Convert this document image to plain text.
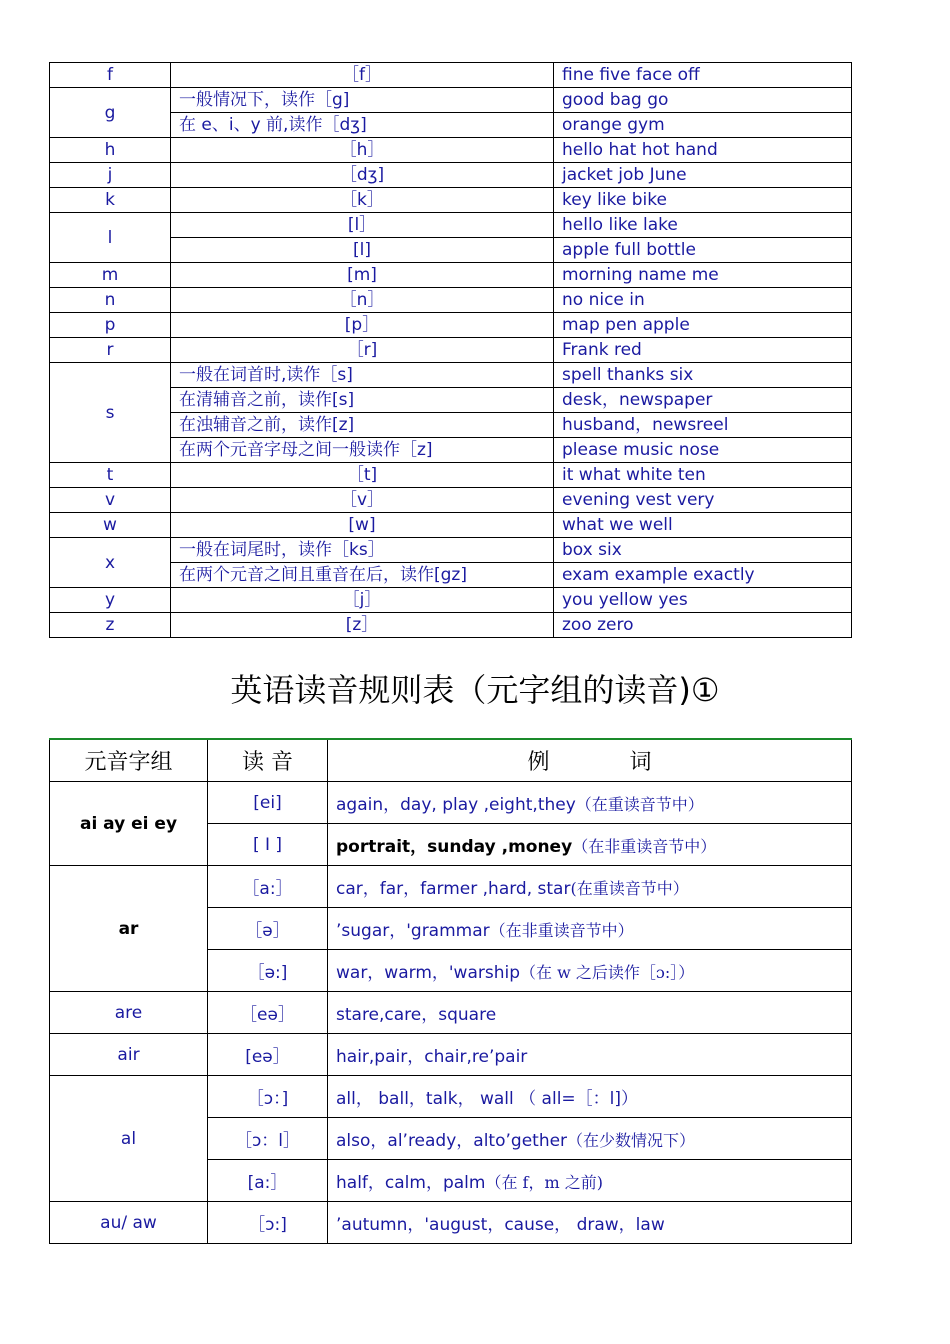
f	［f］	fine five face off
g	一般情况下，读作［g]	good bag go
	在 e、i、y 前,读作［dʒ]	orange gym
h	［h］	hello hat hot hand
j	［dʒ]	jacket job June
k	［k］	key like bike
l	[l］	hello like lake
	[l]	apple full bottle
m	[m]	morning name me
n	［n］	no nice in
p	[p］	map pen apple
r	［r]	Frank red
s	一般在词首时,读作［s]	spell thanks six
	在清辅音之前，读作[s]	desk，newspaper
	在浊辅音之前，读作[z]	husband，newsreel
	在两个元音字母之间一般读作［z]	please music nose
t	［t]	it what white ten
v	［v］	evening vest very
w	[w]	what we well
x	一般在词尾时，读作［ks］	box six
	在两个元音之间且重音在后，读作[gz]	exam example exactly
y	［j］	you yellow yes
z	[z］	zoo zero
英语读音规则表（元字组的读音)①
元音字组	读 音	例 词
ai ay ei ey	[ei]	again，day, play ,eight,they（在重读音节中）
	[ I ]	portrait，sunday ,money（在非重读音节中）
ar	［a:］	car，far，farmer ,hard, star(在重读音节中）
	［ə］	’sugar，'grammar（在非重读音节中）
	［ə:]	war，warm，'warship（在 w 之后读作［ɔ:］）
are	［eə］	stare,care，square
air	[eə］	hair,pair，chair,re’pair
al	［ɔ：]	all， ball，talk， wall （ all=［：l]）
	［ɔ：l］	also，al’ready，alto’gether（在少数情况下）
	[a:］	half，calm，palm（在 f，m 之前)
au/ aw	［ɔ:]	’autumn，'august，cause， draw，law
